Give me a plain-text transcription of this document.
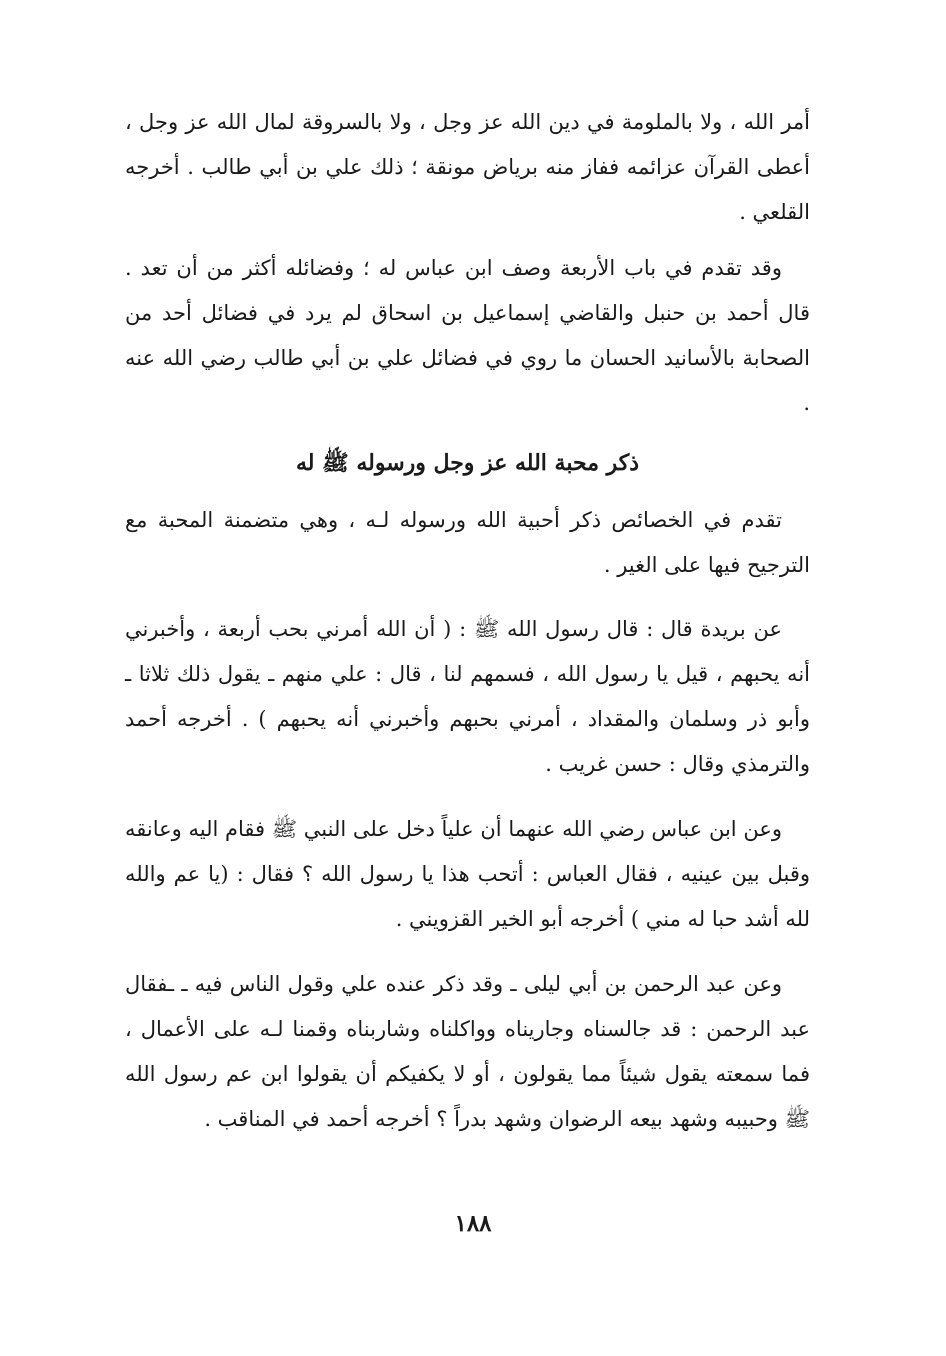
أمر الله ، ولا بالملومة في دين الله عز وجل ، ولا بالسروقة لمال الله عز وجل ، أعطى القرآن عزائمه ففاز منه برياض مونقة ؛ ذلك علي بن أبي طالب . أخرجه القلعي .

وقد تقدم في باب الأربعة وصف ابن عباس له ؛ وفضائله أكثر من أن تعد . قال أحمد بن حنبل والقاضي إسماعيل بن اسحاق لم يرد في فضائل أحد من الصحابة بالأسانيد الحسان ما روي في فضائل علي بن أبي طالب رضي الله عنه .

ذكر محبة الله عز وجل ورسوله ﷺ له

تقدم في الخصائص ذكر أحبية الله ورسوله لـه ، وهي متضمنة المحبة مع الترجيح فيها على الغير .

عن بريدة قال : قال رسول الله ﷺ : ( أن الله أمرني بحب أربعة ، وأخبرني أنه يحبهم ، قيل يا رسول الله ، فسمهم لنا ، قال : علي منهم ـ يقول ذلك ثلاثا ـ وأبو ذر وسلمان والمقداد ، أمرني بحبهم وأخبرني أنه يحبهم ) . أخرجه أحمد والترمذي وقال : حسن غريب .

وعن ابن عباس رضي الله عنهما أن علياً دخل على النبي ﷺ فقام اليه وعانقه وقبل بين عينيه ، فقال العباس : أتحب هذا يا رسول الله ؟ فقال : (يا عم والله لله أشد حبا له مني ) أخرجه أبو الخير القزويني .

وعن عبد الرحمن بن أبي ليلى ـ وقد ذكر عنده علي وقول الناس فيه ـ ـفقال عبد الرحمن : قد جالسناه وجاريناه وواكلناه وشاربناه وقمنا لـه على الأعمال ، فما سمعته يقول شيئاً مما يقولون ، أو لا يكفيكم أن يقولوا ابن عم رسول الله ﷺ وحبيبه وشهد بيعه الرضوان وشهد بدراً ؟ أخرجه أحمد في المناقب .

١٨٨
